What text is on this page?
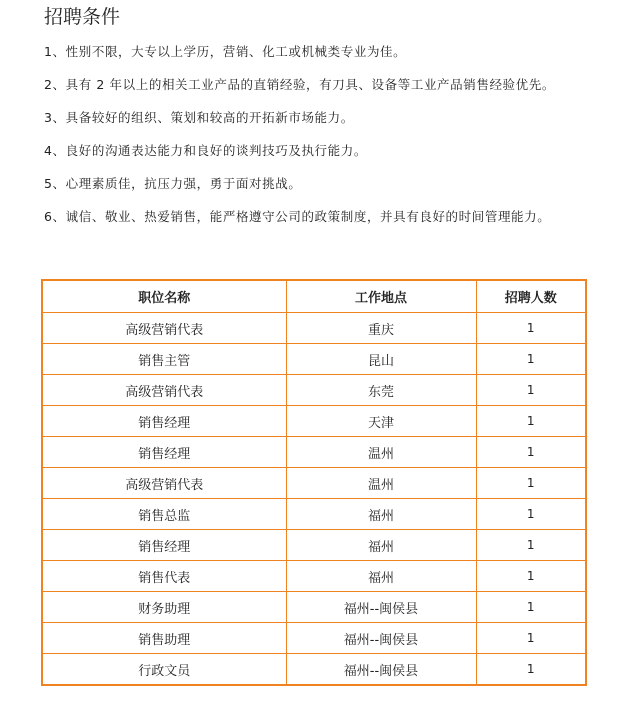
招聘条件
1、性别不限，大专以上学历，营销、化工或机械类专业为佳。
2、具有 2 年以上的相关工业产品的直销经验，有刀具、设备等工业产品销售经验优先。
3、具备较好的组织、策划和较高的开拓新市场能力。
4、良好的沟通表达能力和良好的谈判技巧及执行能力。
5、心理素质佳，抗压力强，勇于面对挑战。
6、诚信、敬业、热爱销售，能严格遵守公司的政策制度，并具有良好的时间管理能力。
职位名称	工作地点	招聘人数
高级营销代表	重庆	1
销售主管	昆山	1
高级营销代表	东莞	1
销售经理	天津	1
销售经理	温州	1
高级营销代表	温州	1
销售总监	福州	1
销售经理	福州	1
销售代表	福州	1
财务助理	福州--闽侯县	1
销售助理	福州--闽侯县	1
行政文员	福州--闽侯县	1
